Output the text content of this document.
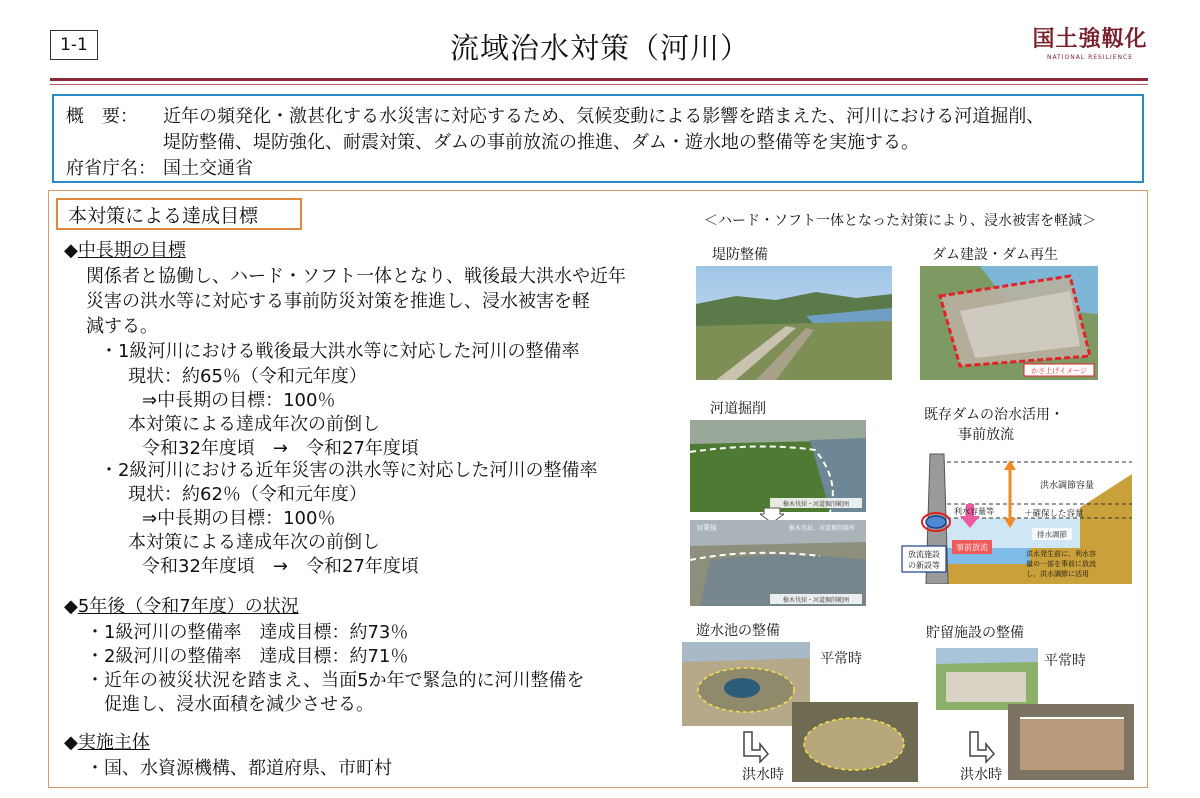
1-1	流域治水対策（河川）	国土強靱化
NATIONAL RESILIENCE
概　要： 近年の頻発化・激甚化する水災害に対応するため、気候変動による影響を踏まえた、河川における河道掘削、
堤防整備、堤防強化、耐震対策、ダムの事前放流の推進、ダム・遊水地の整備等を実施する。
府省庁名： 国土交通省
本対策による達成目標
◆中長期の目標
関係者と協働し、ハード・ソフト一体となり、戦後最大洪水や近年
災害の洪水等に対応する事前防災対策を推進し、浸水被害を軽
減する。
・1級河川における戦後最大洪水等に対応した河川の整備率
現状：約65％（令和元年度）
⇒中長期の目標：100％
本対策による達成年次の前倒し
令和32年度頃　→　令和27年度頃
・2級河川における近年災害の洪水等に対応した河川の整備率
現状：約62％（令和元年度）
⇒中長期の目標：100％
本対策による達成年次の前倒し
令和32年度頃　→　令和27年度頃
◆5年後（令和7年度）の状況
・1級河川の整備率　達成目標：約73％
・2級河川の整備率　達成目標：約71％
・近年の被災状況を踏まえ、当面5か年で緊急的に河川整備を
促進し、浸水面積を減少させる。
◆実施主体
・国、水資源機構、都道府県、市町村
＜ハード・ソフト一体となった対策により、浸水被害を軽減＞
堤防整備	ダム建設・ダム再生
かさ上げイメージ
河道掘削	既存ダムの治水活用・
事前放流
樹木伐採・河道掘削範囲
対策後	樹木伐採、河道掘削箇所
樹木伐採・河道掘削範囲
洪水調節容量
＋確保した容量
利水容量等
排水調節
事前放流
放流施設
の新設等
洪水発生前に、利水容
量の一部を事前に放流
し、洪水調節に活用
遊水池の整備	貯留施設の整備
平常時	平常時
洪水時	洪水時
